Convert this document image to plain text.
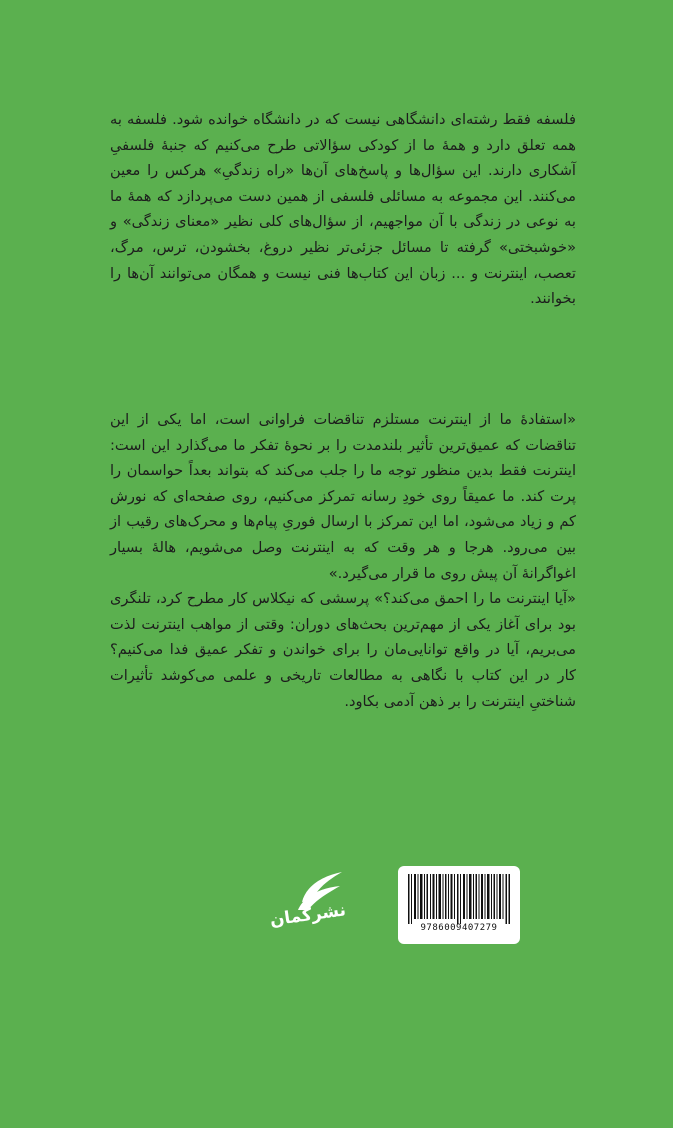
فلسفه فقط رشته‌ای دانشگاهی نیست که در دانشگاه خوانده شود. فلسفه به همه تعلق دارد و همهٔ ما از کودکی سؤالاتی طرح می‌کنیم که جنبهٔ فلسفیِ آشکاری دارند. این سؤال‌ها و پاسخ‌های آن‌ها «راه زندگیِ» هرکس را معین می‌کنند. این مجموعه به مسائلی فلسفی از همین دست می‌پردازد که همهٔ ما به نوعی در زندگی با آن مواجهیم، از سؤال‌های کلی نظیر «معنای زندگی» و «خوشبختی» گرفته تا مسائل جزئی‌تر نظیر دروغ، بخشودن، ترس، مرگ، تعصب، اینترنت و ... زبان این کتاب‌ها فنی نیست و همگان می‌توانند آن‌ها را بخوانند.

«استفادهٔ ما از اینترنت مستلزم تناقضات فراوانی است، اما یکی از این تناقضات که عمیق‌ترین تأثیر بلندمدت را بر نحوهٔ تفکر ما می‌گذارد این است: اینترنت فقط بدین منظور توجه ما را جلب می‌کند که بتواند بعداً حواسمان را پرت کند. ما عمیقاً روی خودِ رسانه تمرکز می‌کنیم، روی صفحه‌ای که نورش کم و زیاد می‌شود، اما این تمرکز با ارسال فوریِ پیام‌ها و محرک‌های رقیب از بین می‌رود. هرجا و هر وقت که به اینترنت وصل می‌شویم، هالهٔ بسیار اغواگرانهٔ آن پیش روی ما قرار می‌گیرد.»

«آیا اینترنت ما را احمق می‌کند؟» پرسشی که نیکلاس کار مطرح کرد، تلنگری بود برای آغاز یکی از مهم‌ترین بحث‌های دوران: وقتی از مواهب اینترنت لذت می‌بریم، آیا در واقع توانایی‌مان را برای خواندن و تفکر عمیق فدا می‌کنیم؟ کار در این کتاب با نگاهی به مطالعات تاریخی و علمی می‌کوشد تأثیرات شناختیِ اینترنت را بر ذهن آدمی بکاود.

نشرگمان	9786009407279
